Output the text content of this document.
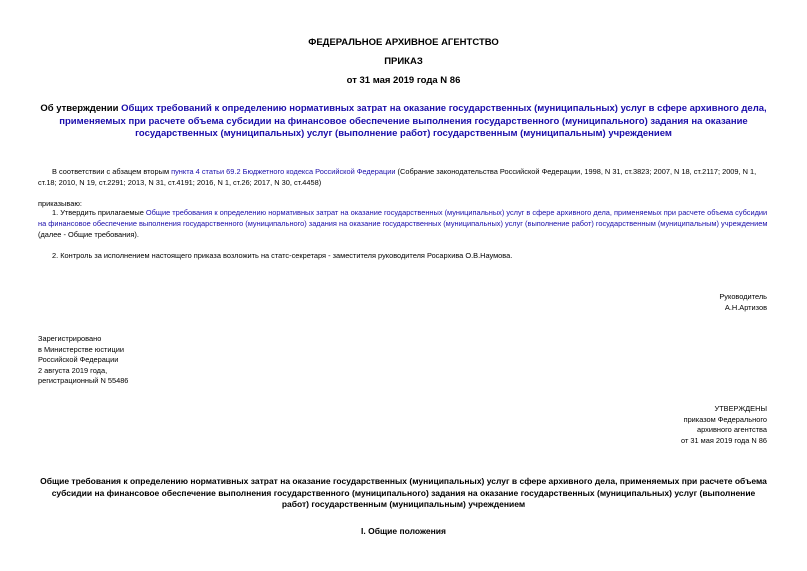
ФЕДЕРАЛЬНОЕ АРХИВНОЕ АГЕНТСТВО
ПРИКАЗ
от 31 мая 2019 года N 86
Об утверждении Общих требований к определению нормативных затрат на оказание государственных (муниципальных) услуг в сфере архивного дела, применяемых при расчете объема субсидии на финансовое обеспечение выполнения государственного (муниципального) задания на оказание государственных (муниципальных) услуг (выполнение работ) государственным (муниципальным) учреждением
В соответствии с абзацем вторым пункта 4 статьи 69.2 Бюджетного кодекса Российской Федерации (Собрание законодательства Российской Федерации, 1998, N 31, ст.3823; 2007, N 18, ст.2117; 2009, N 1, ст.18; 2010, N 19, ст.2291; 2013, N 31, ст.4191; 2016, N 1, ст.26; 2017, N 30, ст.4458)
приказываю:
1. Утвердить прилагаемые Общие требования к определению нормативных затрат на оказание государственных (муниципальных) услуг в сфере архивного дела, применяемых при расчете объема субсидии на финансовое обеспечение выполнения государственного (муниципального) задания на оказание государственных (муниципальных) услуг (выполнение работ) государственным (муниципальным) учреждением (далее - Общие требования).
2. Контроль за исполнением настоящего приказа возложить на статс-секретаря - заместителя руководителя Росархива О.В.Наумова.
Руководитель
А.Н.Артизов
Зарегистрировано
в Министерстве юстиции
Российской Федерации
2 августа 2019 года,
регистрационный N 55486
УТВЕРЖДЕНЫ
приказом Федерального
архивного агентства
от 31 мая 2019 года N 86
Общие требования к определению нормативных затрат на оказание государственных (муниципальных) услуг в сфере архивного дела, применяемых при расчете объема субсидии на финансовое обеспечение выполнения государственного (муниципального) задания на оказание государственных (муниципальных) услуг (выполнение работ) государственным (муниципальным) учреждением
I. Общие положения
